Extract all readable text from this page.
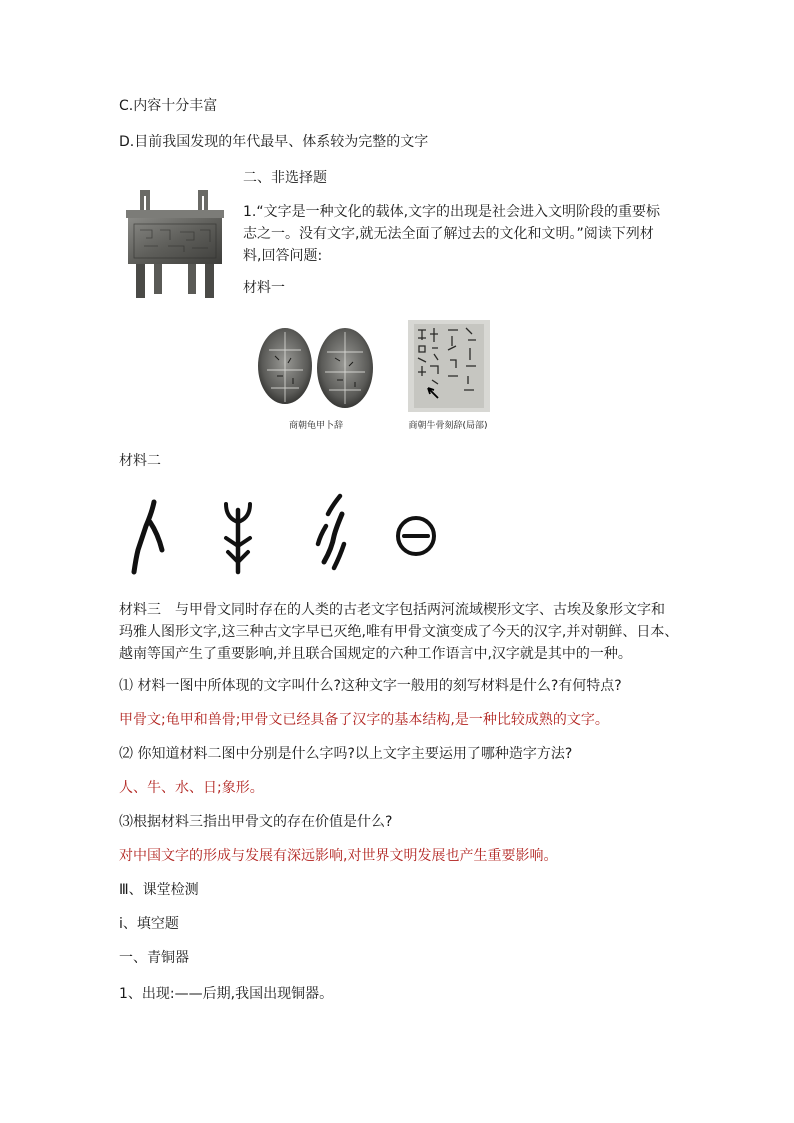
C.内容十分丰富
D.目前我国发现的年代最早、体系较为完整的文字
二、非选择题
1.“文字是一种文化的载体,文字的出现是社会进入文明阶段的重要标
志之一。没有文字,就无法全面了解过去的文化和文明。”阅读下列材
料,回答问题:
材料一
商朝龟甲卜辞	商朝牛骨刻辞(局部)
材料二
材料三　与甲骨文同时存在的人类的古老文字包括两河流域楔形文字、古埃及象形文字和
玛雅人图形文字,这三种古文字早已灭绝,唯有甲骨文演变成了今天的汉字,并对朝鲜、日本、
越南等国产生了重要影响,并且联合国规定的六种工作语言中,汉字就是其中的一种。
⑴ 材料一图中所体现的文字叫什么?这种文字一般用的刻写材料是什么?有何特点?
甲骨文;龟甲和兽骨;甲骨文已经具备了汉字的基本结构,是一种比较成熟的文字。
⑵ 你知道材料二图中分别是什么字吗?以上文字主要运用了哪种造字方法?
人、牛、水、日;象形。
⑶根据材料三指出甲骨文的存在价值是什么?
对中国文字的形成与发展有深远影响,对世界文明发展也产生重要影响。
Ⅲ、课堂检测
ⅰ、填空题
一、青铜器
1、出现:——后期,我国出现铜器。
